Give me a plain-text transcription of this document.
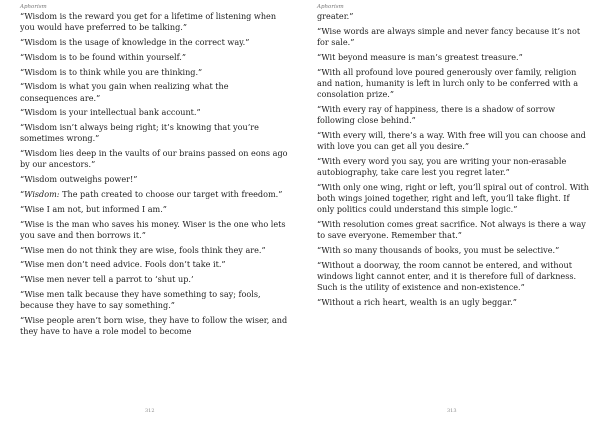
Aphorism
“Wisdom is the reward you get for a lifetime of listening when you would have preferred to be talking.”
“Wisdom is the usage of knowledge in the correct way.”
“Wisdom is to be found within yourself.”
“Wisdom is to think while you are thinking.”
“Wisdom is what you gain when realizing what the consequences are.”
“Wisdom is your intellectual bank account.”
“Wisdom isn’t always being right; it’s knowing that you’re sometimes wrong.”
“Wisdom lies deep in the vaults of our brains passed on eons ago by our ancestors.”
“Wisdom outweighs power!”
“Wisdom: The path created to choose our target with freedom.”
“Wise I am not, but informed I am.”
“Wise is the man who saves his money. Wiser is the one who lets you save and then borrows it.”
“Wise men do not think they are wise, fools think they are.”
“Wise men don’t need advice. Fools don’t take it.”
“Wise men never tell a parrot to ‘shut up.’
“Wise men talk because they have something to say; fools, because they have to say something.”
“Wise people aren’t born wise, they have to follow the wiser, and they have to have a role model to become
312
Aphorism
greater.”
“Wise words are always simple and never fancy because it’s not for sale.”
“Wit beyond measure is man’s greatest treasure.”
“With all profound love poured generously over family, religion and nation, humanity is left in lurch only to be conferred with a consolation prize.”
“With every ray of happiness, there is a shadow of sorrow following close behind.”
“With every will, there’s a way. With free will you can choose and with love you can get all you desire.”
“With every word you say, you are writing your non-erasable autobiography, take care lest you regret later.”
“With only one wing, right or left, you’ll spiral out of control. With both wings joined together, right and left, you’ll take flight. If only politics could understand this simple logic.”
“With resolution comes great sacrifice. Not always is there a way to save everyone. Remember that.”
“With so many thousands of books, you must be selective.”
“Without a doorway, the room cannot be entered, and without windows light cannot enter, and it is therefore full of darkness. Such is the utility of existence and non-existence.”
“Without a rich heart, wealth is an ugly beggar.”
313
